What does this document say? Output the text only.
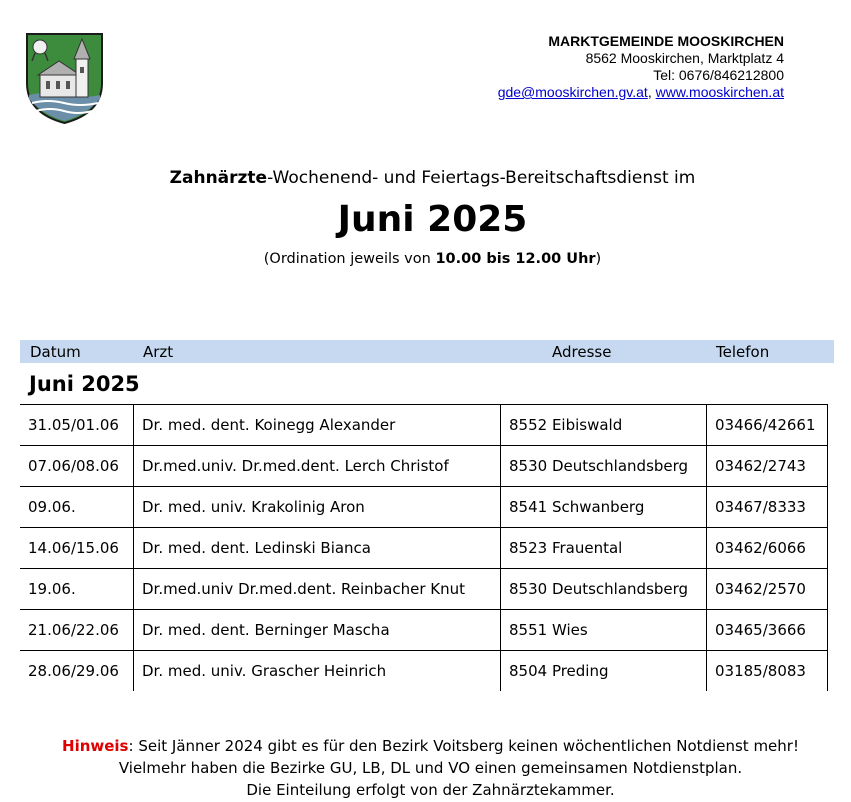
MARKTGEMEINDE MOOSKIRCHEN
8562 Mooskirchen, Marktplatz 4
Tel: 0676/846212800
gde@mooskirchen.gv.at, www.mooskirchen.at
Zahnärzte-Wochenend- und Feiertags-Bereitschaftsdienst im
Juni 2025
(Ordination jeweils von 10.00 bis 12.00 Uhr)
Datum	Arzt	Adresse	Telefon
Juni 2025
31.05/01.06	Dr. med. dent. Koinegg Alexander	8552 Eibiswald	03466/42661
07.06/08.06	Dr.med.univ. Dr.med.dent. Lerch Christof	8530 Deutschlandsberg	03462/2743
09.06.	Dr. med. univ. Krakolinig Aron	8541 Schwanberg	03467/8333
14.06/15.06	Dr. med. dent. Ledinski Bianca	8523 Frauental	03462/6066
19.06.	Dr.med.univ Dr.med.dent. Reinbacher Knut	8530 Deutschlandsberg	03462/2570
21.06/22.06	Dr. med. dent. Berninger Mascha	8551 Wies	03465/3666
28.06/29.06	Dr. med. univ. Grascher Heinrich	8504 Preding	03185/8083
Hinweis: Seit Jänner 2024 gibt es für den Bezirk Voitsberg keinen wöchentlichen Notdienst mehr!
Vielmehr haben die Bezirke GU, LB, DL und VO einen gemeinsamen Notdienstplan.
Die Einteilung erfolgt von der Zahnärztekammer.
